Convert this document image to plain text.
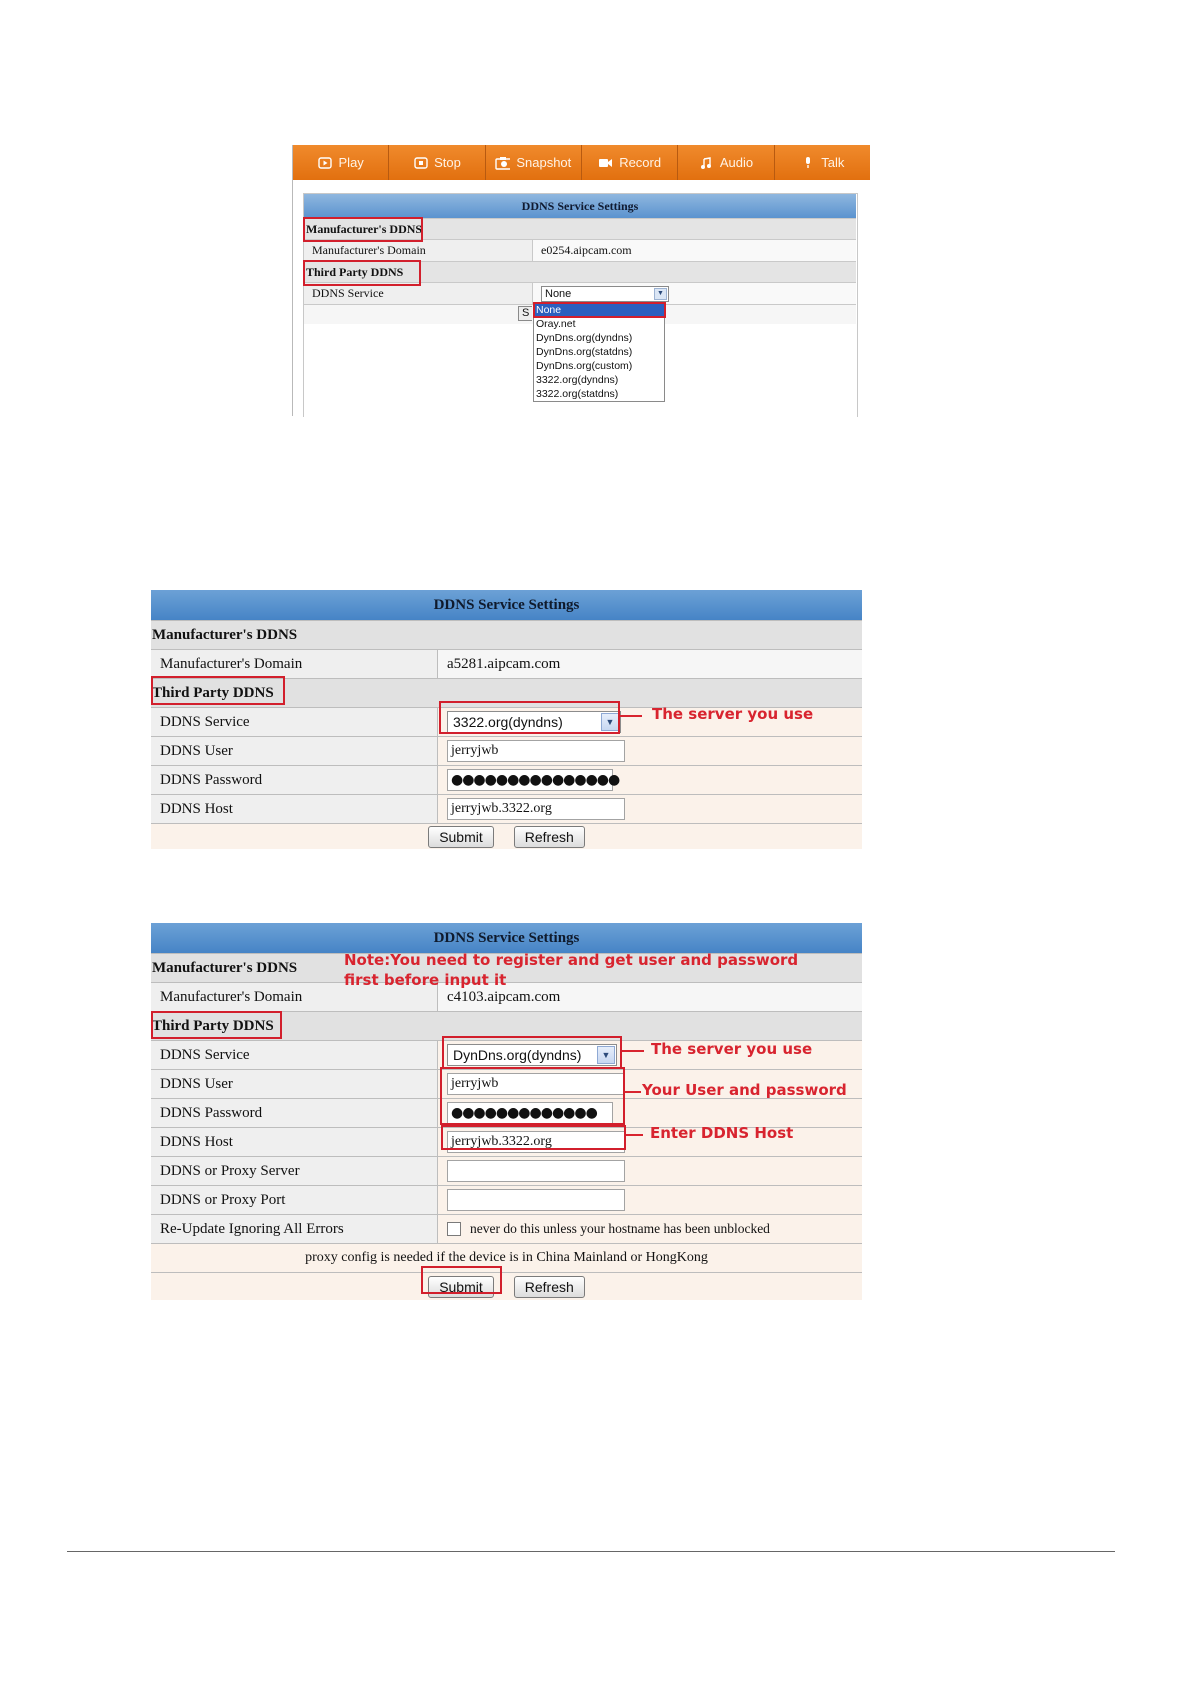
Play	Stop	Snapshot	Record	Audio	Talk
DDNS Service Settings
Manufacturer's DDNS
Manufacturer's Domain	e0254.aipcam.com
Third Party DDNS
DDNS Service	None	▼
S None
Oray.net
DynDns.org(dyndns)
DynDns.org(statdns)
DynDns.org(custom)
3322.org(dyndns)
3322.org(statdns)
DDNS Service Settings
Manufacturer's DDNS
Manufacturer's Domain	a5281.aipcam.com
Third Party DDNS
DDNS Service	3322.org(dyndns)	▼
DDNS User	jerryjwb
DDNS Password	●●●●●●●●●●●●●●●
DDNS Host	jerryjwb.3322.org
Submit	Refresh
The server you use
DDNS Service Settings
Manufacturer's DDNS
Manufacturer's Domain	c4103.aipcam.com
Third Party DDNS
DDNS Service	DynDns.org(dyndns)	▼
DDNS User	jerryjwb
DDNS Password	●●●●●●●●●●●●●
DDNS Host	jerryjwb.3322.org
DDNS or Proxy Server
DDNS or Proxy Port
Re-Update Ignoring All Errors	never do this unless your hostname has been unblocked
proxy config is needed if the device is in China Mainland or HongKong
Submit	Refresh
Note:You need to register and get user and password
first before input it
The server you use
Your User and password
Enter DDNS Host
